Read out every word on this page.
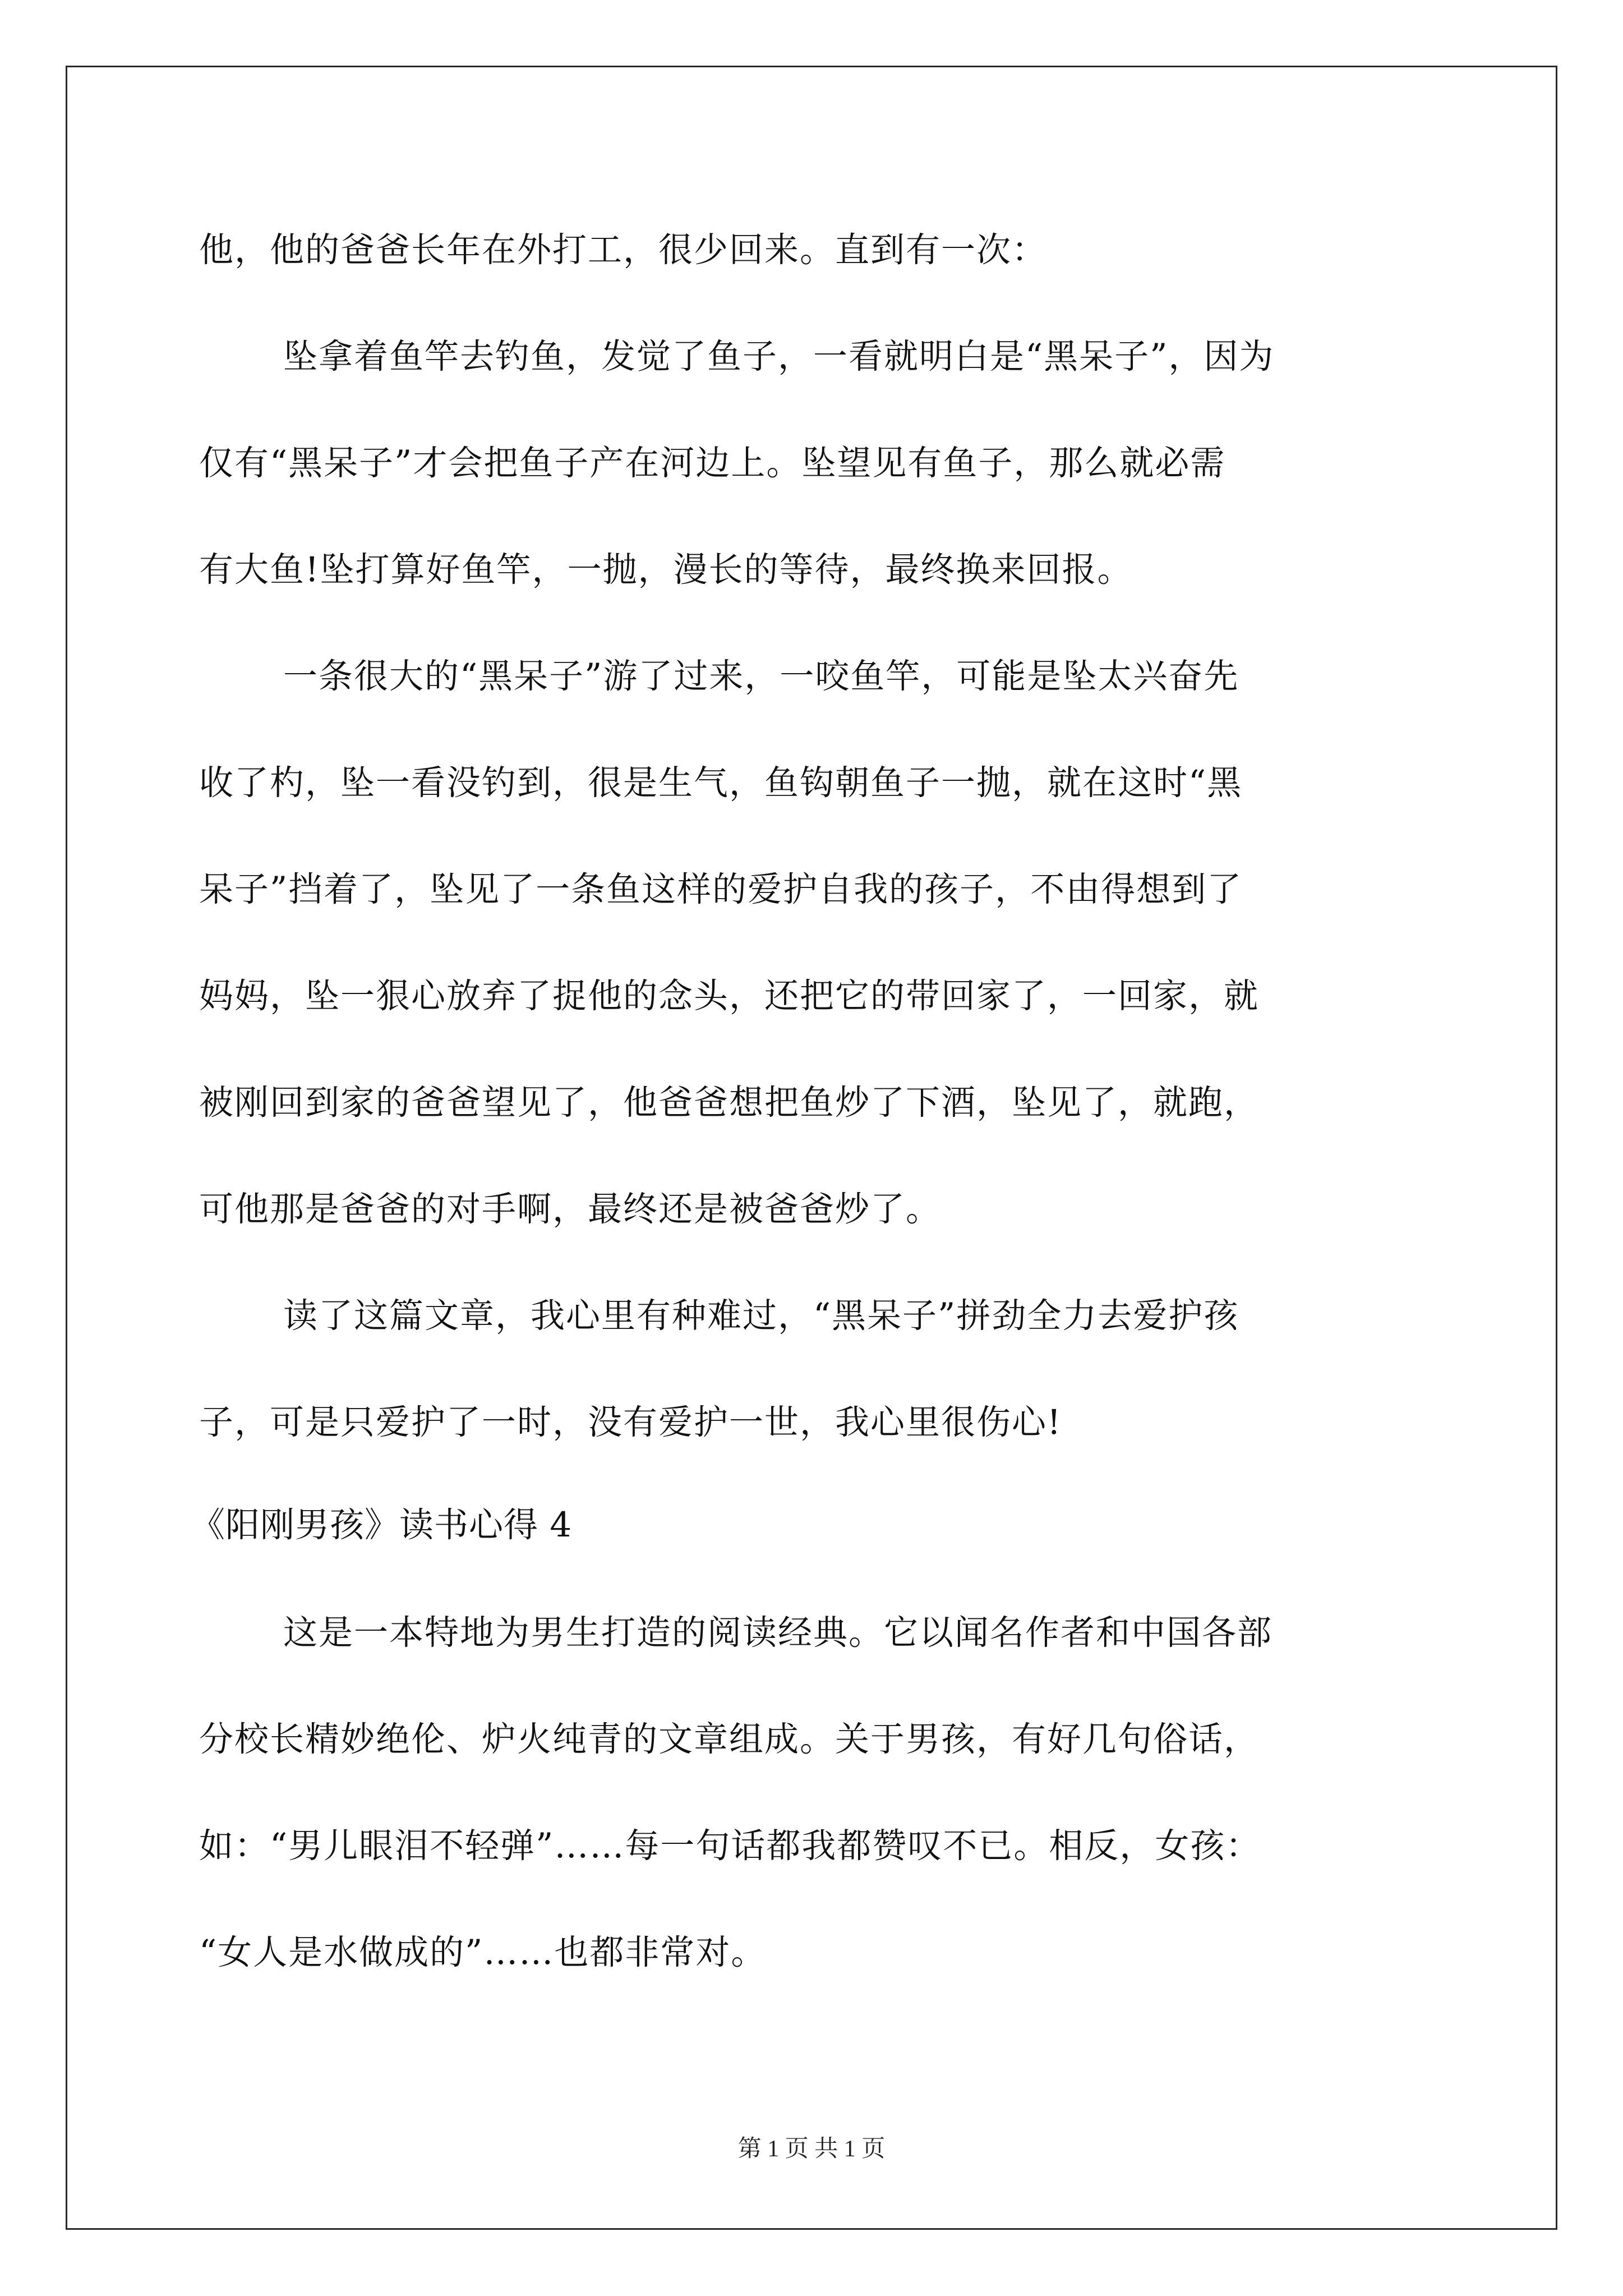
他，他的爸爸长年在外打工，很少回来。直到有一次：
坠拿着鱼竿去钓鱼，发觉了鱼子，一看就明白是“黑呆子”，因为
仅有“黑呆子”才会把鱼子产在河边上。坠望见有鱼子，那么就必需
有大鱼!坠打算好鱼竿，一抛，漫长的等待，最终换来回报。
一条很大的“黑呆子”游了过来，一咬鱼竿，可能是坠太兴奋先
收了杓，坠一看没钓到，很是生气，鱼钩朝鱼子一抛，就在这时“黑
呆子”挡着了，坠见了一条鱼这样的爱护自我的孩子，不由得想到了
妈妈，坠一狠心放弃了捉他的念头，还把它的带回家了，一回家，就
被刚回到家的爸爸望见了，他爸爸想把鱼炒了下酒，坠见了，就跑，
可他那是爸爸的对手啊，最终还是被爸爸炒了。
读了这篇文章，我心里有种难过，“黑呆子”拼劲全力去爱护孩
子，可是只爱护了一时，没有爱护一世，我心里很伤心!
《阳刚男孩》读书心得 4
这是一本特地为男生打造的阅读经典。它以闻名作者和中国各部
分校长精妙绝伦、炉火纯青的文章组成。关于男孩，有好几句俗话，
如：“男儿眼泪不轻弹”……每一句话都我都赞叹不已。相反，女孩：
“女人是水做成的”……也都非常对。
第 1 页 共 1 页
